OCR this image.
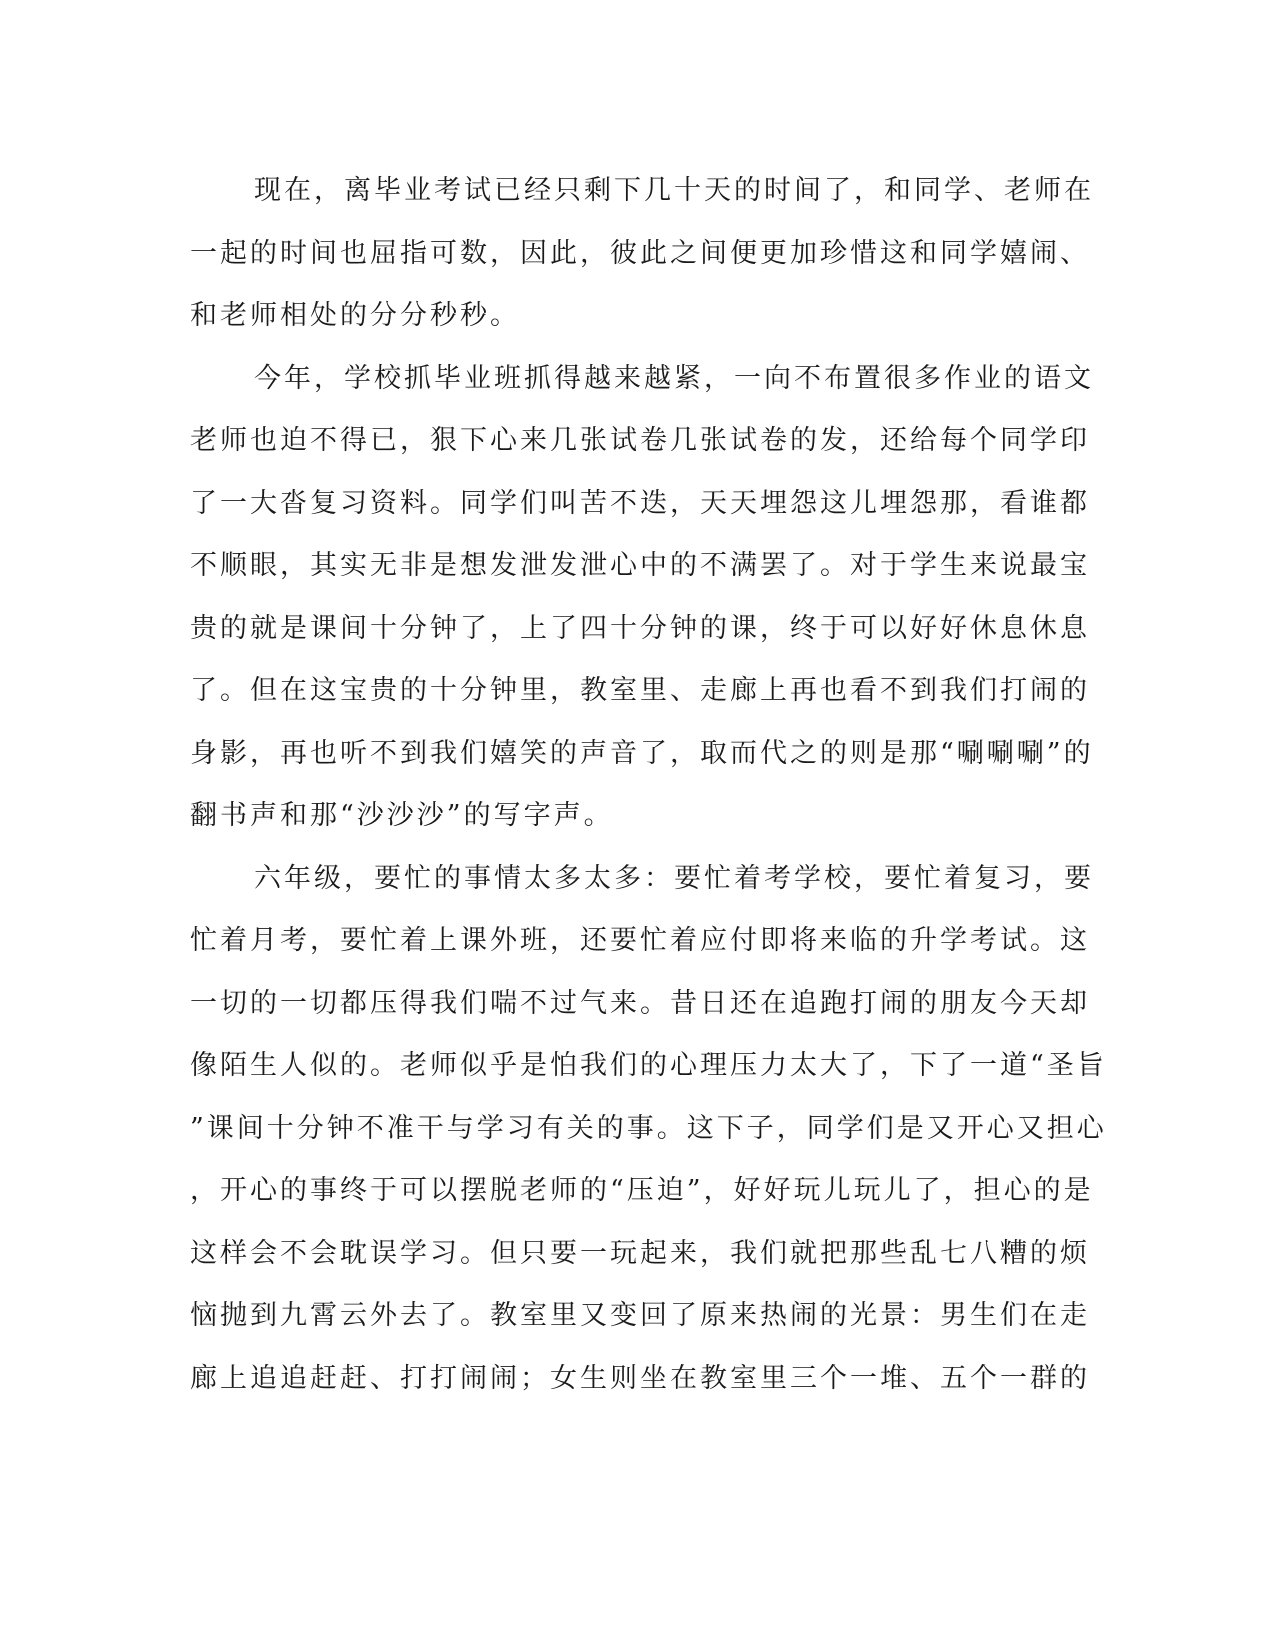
现在，离毕业考试已经只剩下几十天的时间了，和同学、老师在
一起的时间也屈指可数，因此，彼此之间便更加珍惜这和同学嬉闹、
和老师相处的分分秒秒。
今年，学校抓毕业班抓得越来越紧，一向不布置很多作业的语文
老师也迫不得已，狠下心来几张试卷几张试卷的发，还给每个同学印
了一大沓复习资料。同学们叫苦不迭，天天埋怨这儿埋怨那，看谁都
不顺眼，其实无非是想发泄发泄心中的不满罢了。对于学生来说最宝
贵的就是课间十分钟了，上了四十分钟的课，终于可以好好休息休息
了。但在这宝贵的十分钟里，教室里、走廊上再也看不到我们打闹的
身影，再也听不到我们嬉笑的声音了，取而代之的则是那“唰唰唰”的
翻书声和那“沙沙沙”的写字声。
六年级，要忙的事情太多太多：要忙着考学校，要忙着复习，要
忙着月考，要忙着上课外班，还要忙着应付即将来临的升学考试。这
一切的一切都压得我们喘不过气来。昔日还在追跑打闹的朋友今天却
像陌生人似的。老师似乎是怕我们的心理压力太大了，下了一道“圣旨
”课间十分钟不准干与学习有关的事。这下子，同学们是又开心又担心
，开心的事终于可以摆脱老师的“压迫”，好好玩儿玩儿了，担心的是
这样会不会耽误学习。但只要一玩起来，我们就把那些乱七八糟的烦
恼抛到九霄云外去了。教室里又变回了原来热闹的光景：男生们在走
廊上追追赶赶、打打闹闹；女生则坐在教室里三个一堆、五个一群的
